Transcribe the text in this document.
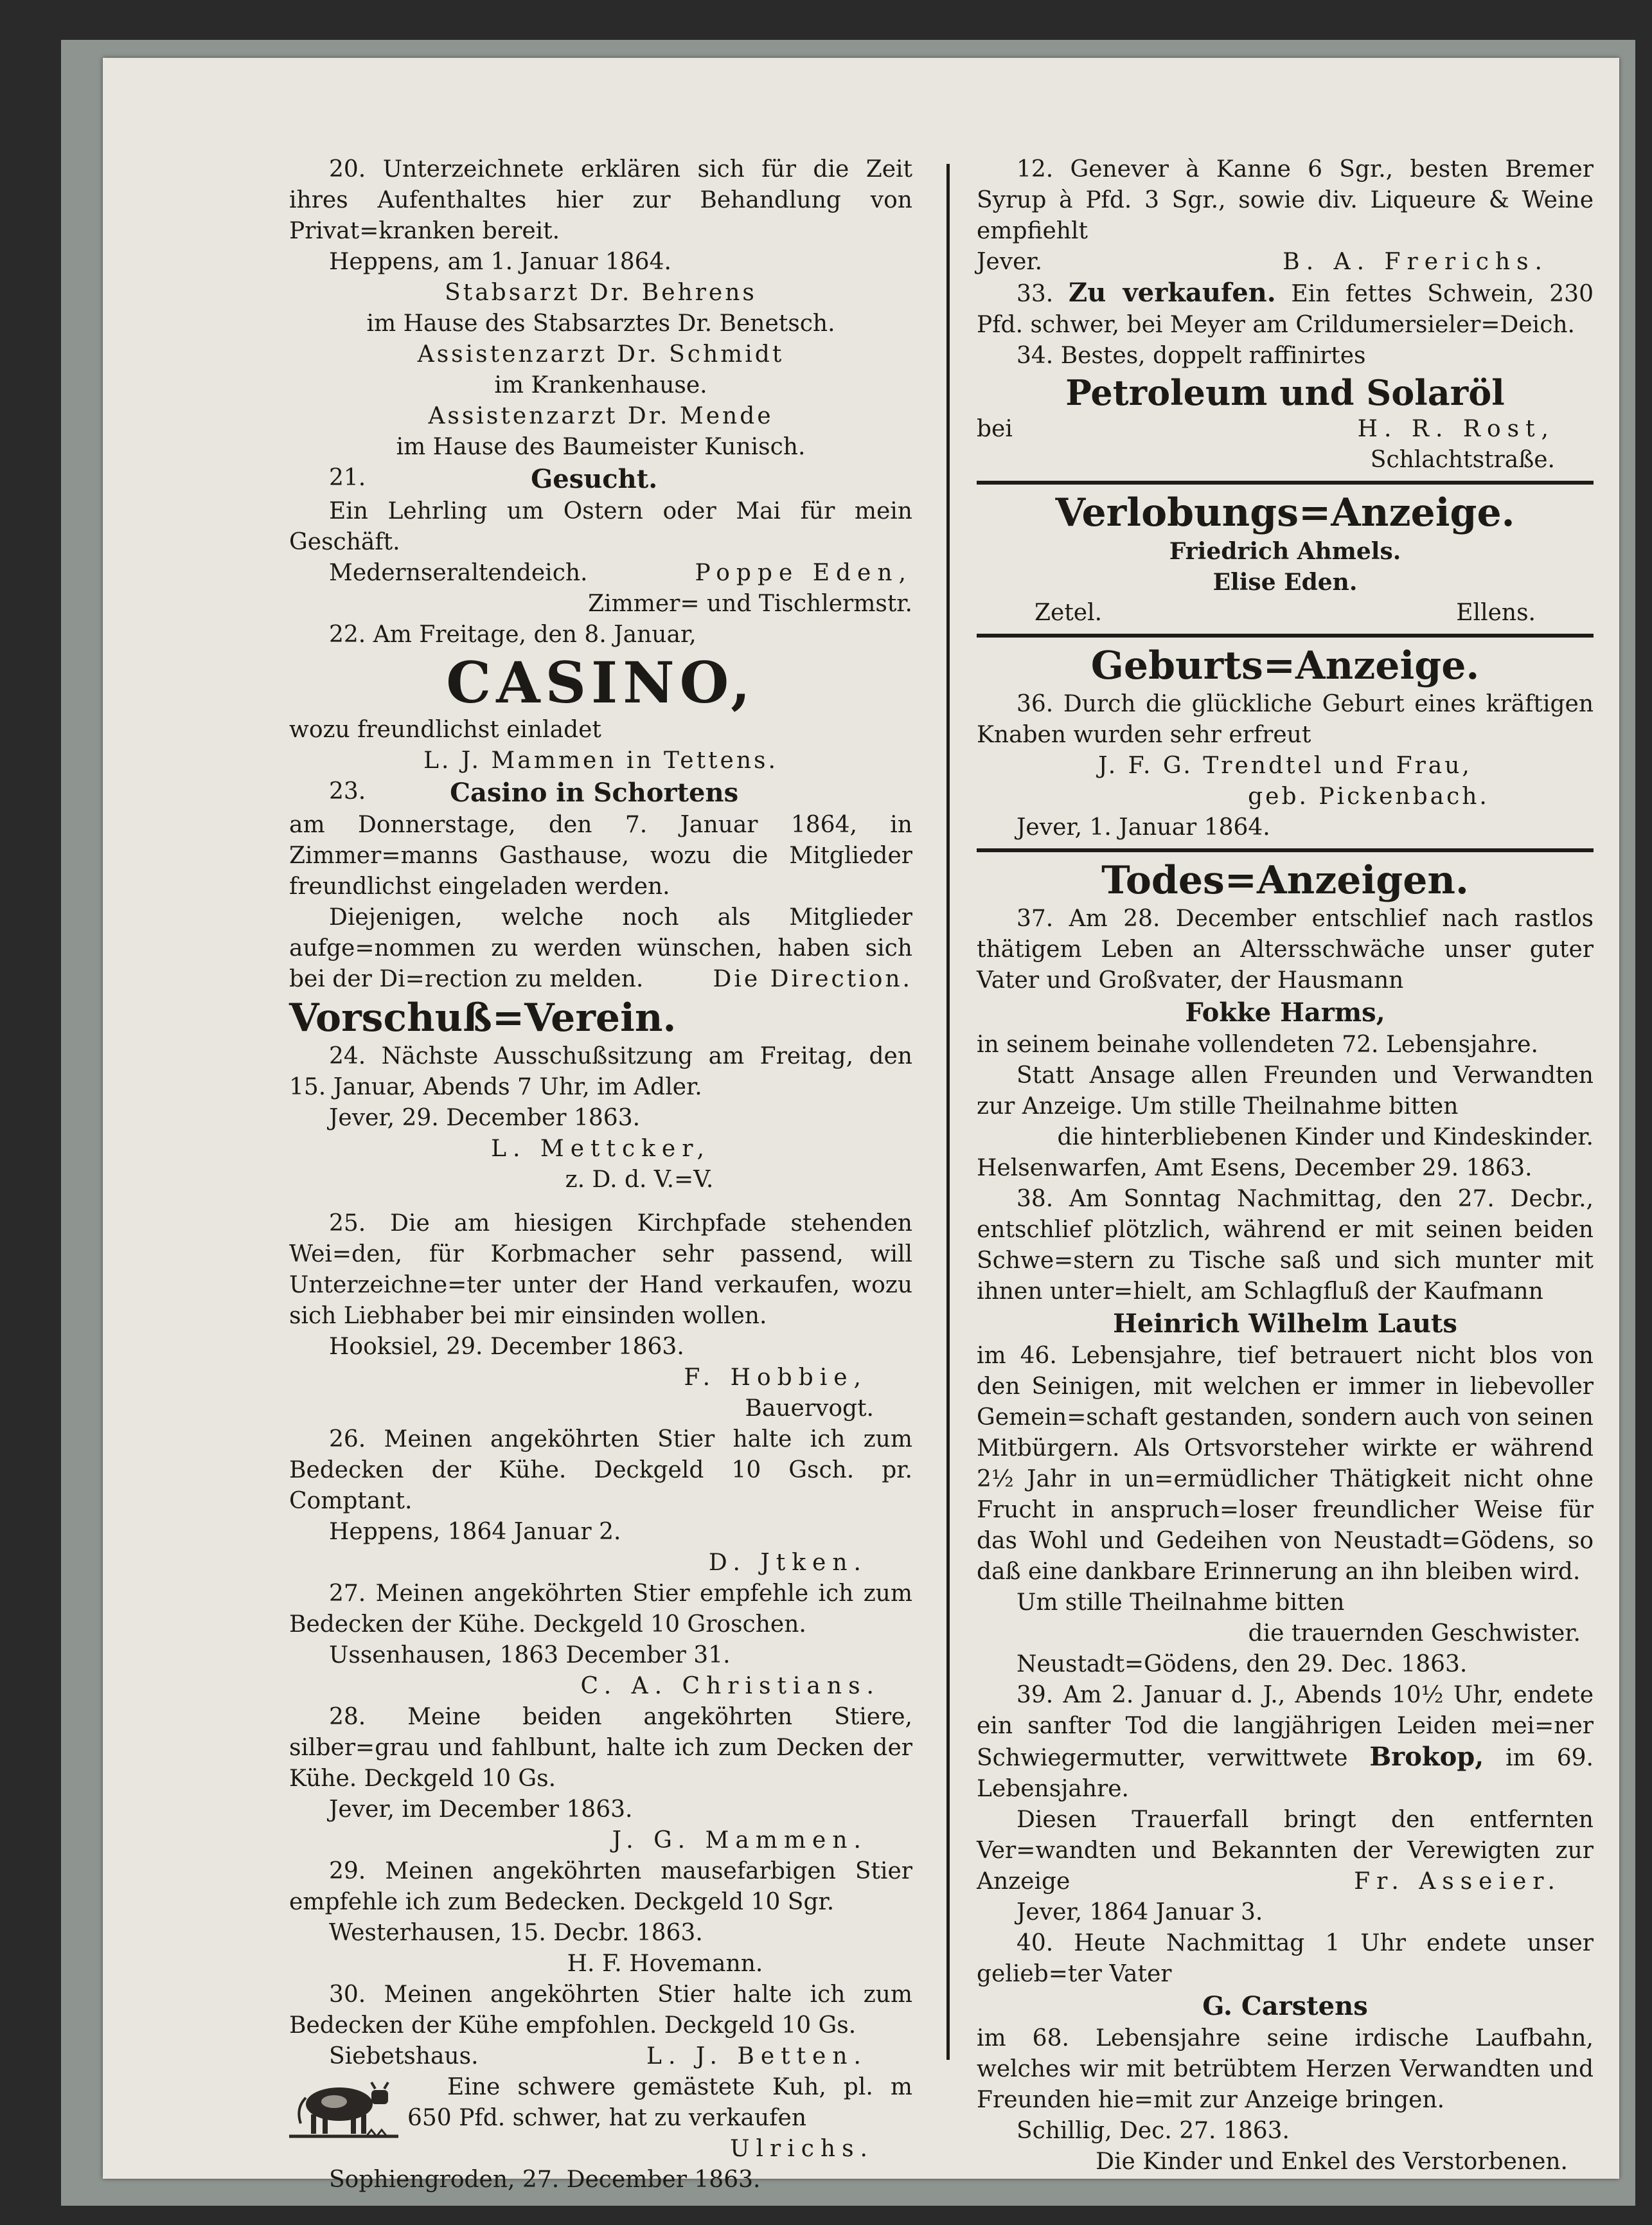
20. Unterzeichnete erklären sich für die Zeit ihres Aufenthaltes hier zur Behandlung von Privat=kranken bereit.

Heppens, am 1. Januar 1864.

Stabsarzt Dr. Behrens

im Hause des Stabsarztes Dr. Benetsch.

Assistenzarzt Dr. Schmidt

im Krankenhause.

Assistenzarzt Dr. Mende

im Hause des Baumeister Kunisch.

21.	Gesucht.

Ein Lehrling um Ostern oder Mai für mein Geschäft.

Medernseraltendeich.	Poppe Eden,

Zimmer= und Tischlermstr.

22. Am Freitage, den 8. Januar,

CASINO,

wozu freundlichst einladet

L. J. Mammen in Tettens.

23.	Casino in Schortens

am Donnerstage, den 7. Januar 1864, in Zimmer=manns Gasthause, wozu die Mitglieder freundlichst eingeladen werden.

Diejenigen, welche noch als Mitglieder aufge=nommen zu werden wünschen, haben sich bei der Di=rection zu melden.	Die Direction.

Vorschuß=Verein.

24. Nächste Ausschußsitzung am Freitag, den 15. Januar, Abends 7 Uhr, im Adler.

Jever, 29. December 1863.

L. Mettcker,

z. D. d. V.=V.

25. Die am hiesigen Kirchpfade stehenden Wei=den, für Korbmacher sehr passend, will Unterzeichne=ter unter der Hand verkaufen, wozu sich Liebhaber bei mir einsinden wollen.

Hooksiel, 29. December 1863.

F. Hobbie,

Bauervogt.

26. Meinen angeköhrten Stier halte ich zum Bedecken der Kühe. Deckgeld 10 Gsch. pr. Comptant.

Heppens, 1864 Januar 2.

D. Jtken.

27. Meinen angeköhrten Stier empfehle ich zum Bedecken der Kühe. Deckgeld 10 Groschen.

Ussenhausen, 1863 December 31.

C. A. Christians.

28. Meine beiden angeköhrten Stiere, silber=grau und fahlbunt, halte ich zum Decken der Kühe. Deckgeld 10 Gs.

Jever, im December 1863.

J. G. Mammen.

29. Meinen angeköhrten mausefarbigen Stier empfehle ich zum Bedecken. Deckgeld 10 Sgr.

Westerhausen, 15. Decbr. 1863.

H. F. Hovemann.

30. Meinen angeköhrten Stier halte ich zum Bedecken der Kühe empfohlen. Deckgeld 10 Gs.

Siebetshaus.	L. J. Betten.

Eine schwere gemästete Kuh, pl. m 650 Pfd. schwer, hat zu verkaufen

Ulrichs.

Sophiengroden, 27. December 1863.

12. Genever à Kanne 6 Sgr., besten Bremer Syrup à Pfd. 3 Sgr., sowie div. Liqueure & Weine empfiehlt

Jever.	B. A. Frerichs.

33. Zu verkaufen. Ein fettes Schwein, 230 Pfd. schwer, bei Meyer am Crildumersieler=Deich.

34. Bestes, doppelt raffinirtes

Petroleum und Solaröl

bei	H. R. Rost,

Schlachtstraße.

Verlobungs=Anzeige.

Friedrich Ahmels.

Elise Eden.

Zetel.	Ellens.

Geburts=Anzeige.

36. Durch die glückliche Geburt eines kräftigen Knaben wurden sehr erfreut

J. F. G. Trendtel und Frau,

geb. Pickenbach.

Jever, 1. Januar 1864.

Todes=Anzeigen.

37. Am 28. December entschlief nach rastlos thätigem Leben an Altersschwäche unser guter Vater und Großvater, der Hausmann

Fokke Harms,

in seinem beinahe vollendeten 72. Lebensjahre.

Statt Ansage allen Freunden und Verwandten zur Anzeige. Um stille Theilnahme bitten

die hinterbliebenen Kinder und Kindeskinder.

Helsenwarfen, Amt Esens, December 29. 1863.

38. Am Sonntag Nachmittag, den 27. Decbr., entschlief plötzlich, während er mit seinen beiden Schwe=stern zu Tische saß und sich munter mit ihnen unter=hielt, am Schlagfluß der Kaufmann

Heinrich Wilhelm Lauts

im 46. Lebensjahre, tief betrauert nicht blos von den Seinigen, mit welchen er immer in liebevoller Gemein=schaft gestanden, sondern auch von seinen Mitbürgern. Als Ortsvorsteher wirkte er während 2½ Jahr in un=ermüdlicher Thätigkeit nicht ohne Frucht in anspruch=loser freundlicher Weise für das Wohl und Gedeihen von Neustadt=Gödens, so daß eine dankbare Erinnerung an ihn bleiben wird.

Um stille Theilnahme bitten

die trauernden Geschwister.

Neustadt=Gödens, den 29. Dec. 1863.

39. Am 2. Januar d. J., Abends 10½ Uhr, endete ein sanfter Tod die langjährigen Leiden mei=ner Schwiegermutter, verwittwete Brokop, im 69. Lebensjahre.

Diesen Trauerfall bringt den entfernten Ver=wandten und Bekannten der Verewigten zur Anzeige	Fr. Asseier.

Jever, 1864 Januar 3.

40. Heute Nachmittag 1 Uhr endete unser gelieb=ter Vater

G. Carstens

im 68. Lebensjahre seine irdische Laufbahn, welches wir mit betrübtem Herzen Verwandten und Freunden hie=mit zur Anzeige bringen.

Schillig, Dec. 27. 1863.

Die Kinder und Enkel des Verstorbenen.
